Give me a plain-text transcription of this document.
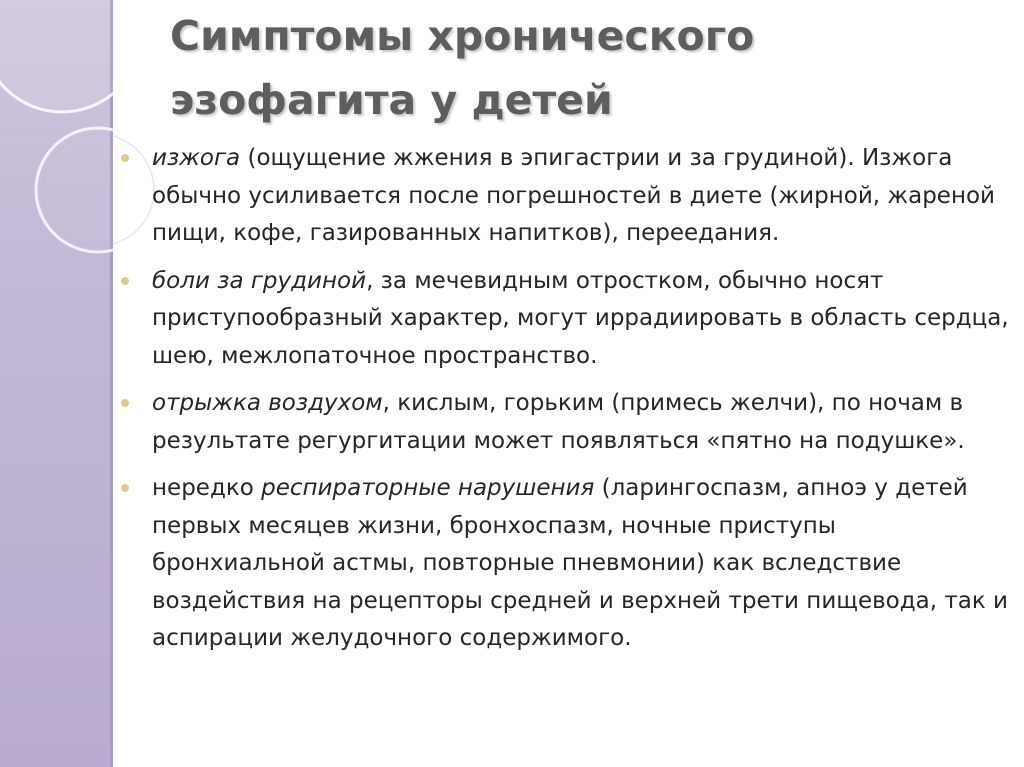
Симптомы хронического эзофагита у детей
изжога (ощущение жжения в эпигастрии и за грудиной). Изжога обычно усиливается после погрешностей в диете (жирной, жареной пищи, кофе, газированных напитков), переедания.
боли за грудиной, за мечевидным отростком, обычно носят приступообразный характер, могут иррадиировать в область сердца, шею, межлопаточное пространство.
отрыжка воздухом, кислым, горьким (примесь желчи), по ночам в результате регургитации может появляться «пятно на подушке».
нередко респираторные нарушения (ларингоспазм, апноэ у детей первых месяцев жизни, бронхоспазм, ночные приступы бронхиальной астмы, повторные пневмонии) как вследствие воздействия на рецепторы средней и верхней трети пищевода, так и аспирации желудочного содержимого.
